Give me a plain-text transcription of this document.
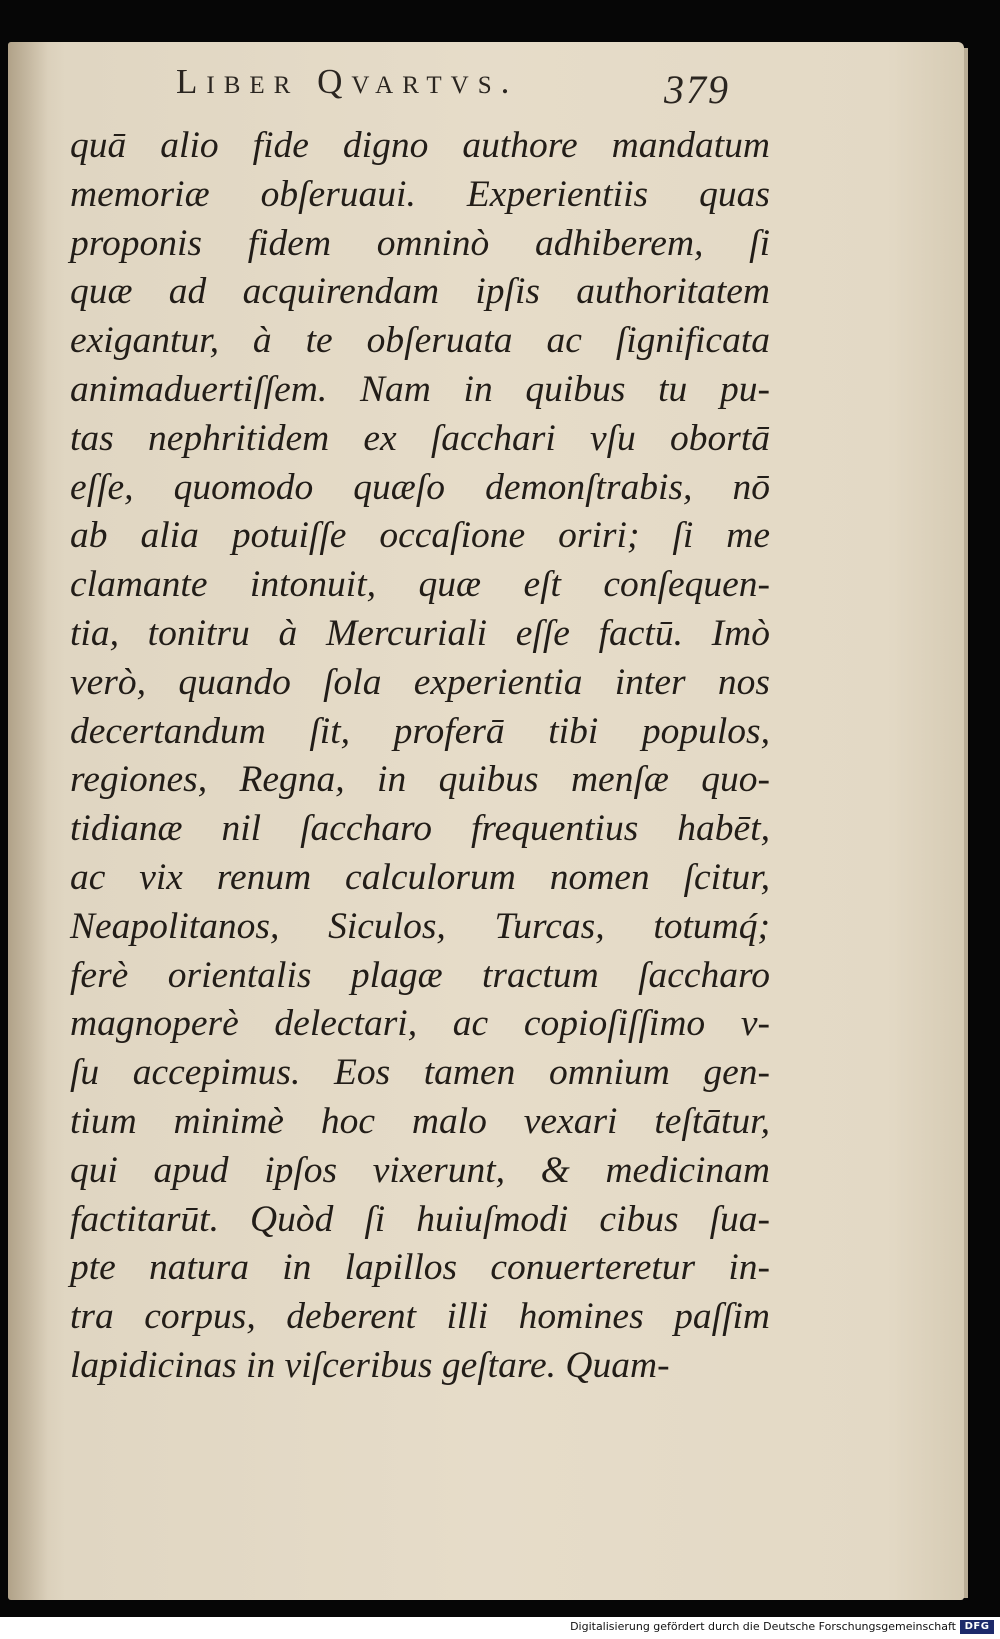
Liber Qvartvs.	379
quā alio fide digno authore mandatum
memoriæ obſeruaui. Experientiis quas
proponis fidem omninò adhiberem, ſi
quæ ad acquirendam ipſis authoritatem
exigantur, à te obſeruata ac ſignificata
animaduertiſſem. Nam in quibus tu pu-
tas nephritidem ex ſacchari vſu obortā
eſſe, quomodo quæſo demonſtrabis, nō
ab alia potuiſſe occaſione oriri; ſi me
clamante intonuit, quæ eſt conſequen-
tia, tonitru à Mercuriali eſſe factū. Imò
verò, quando ſola experientia inter nos
decertandum ſit, proferā tibi populos,
regiones, Regna, in quibus menſæ quo-
tidianæ nil ſaccharo frequentius habēt,
ac vix renum calculorum nomen ſcitur,
Neapolitanos, Siculos, Turcas, totumq́;
ferè orientalis plagæ tractum ſaccharo
magnoperè delectari, ac copioſiſſimo v-
ſu accepimus. Eos tamen omnium gen-
tium minimè hoc malo vexari teſtātur,
qui apud ipſos vixerunt, & medicinam
factitarūt. Quòd ſi huiuſmodi cibus ſua-
pte natura in lapillos conuerteretur in-
tra corpus, deberent illi homines paſſim
lapidicinas in viſceribus geſtare. Quam-
Digitalisierung gefördert durch die Deutsche Forschungsgemeinschaft DFG
